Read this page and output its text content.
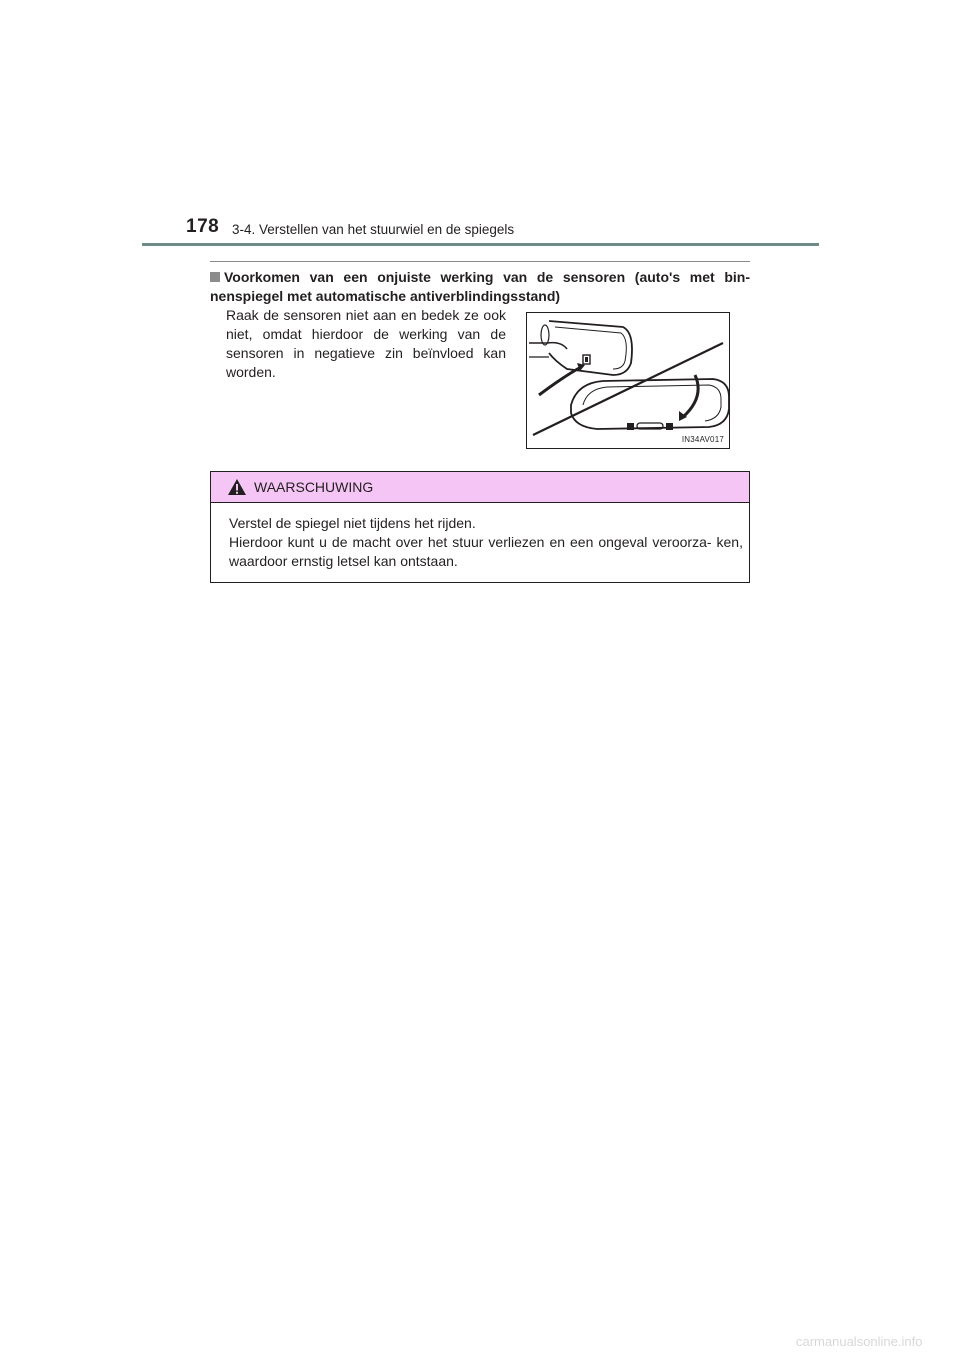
178 3-4. Verstellen van het stuurwiel en de spiegels
Voorkomen van een onjuiste werking van de sensoren (auto's met bin- nenspiegel met automatische antiverblindingsstand)
Raak de sensoren niet aan en bedek ze ook niet, omdat hierdoor de werking van de sensoren in negatieve zin beïnvloed kan worden.
IN34AV017
WAARSCHUWING

Verstel de spiegel niet tijdens het rijden.

Hierdoor kunt u de macht over het stuur verliezen en een ongeval veroorza- ken, waardoor ernstig letsel kan ontstaan.

carmanualsonline.info
